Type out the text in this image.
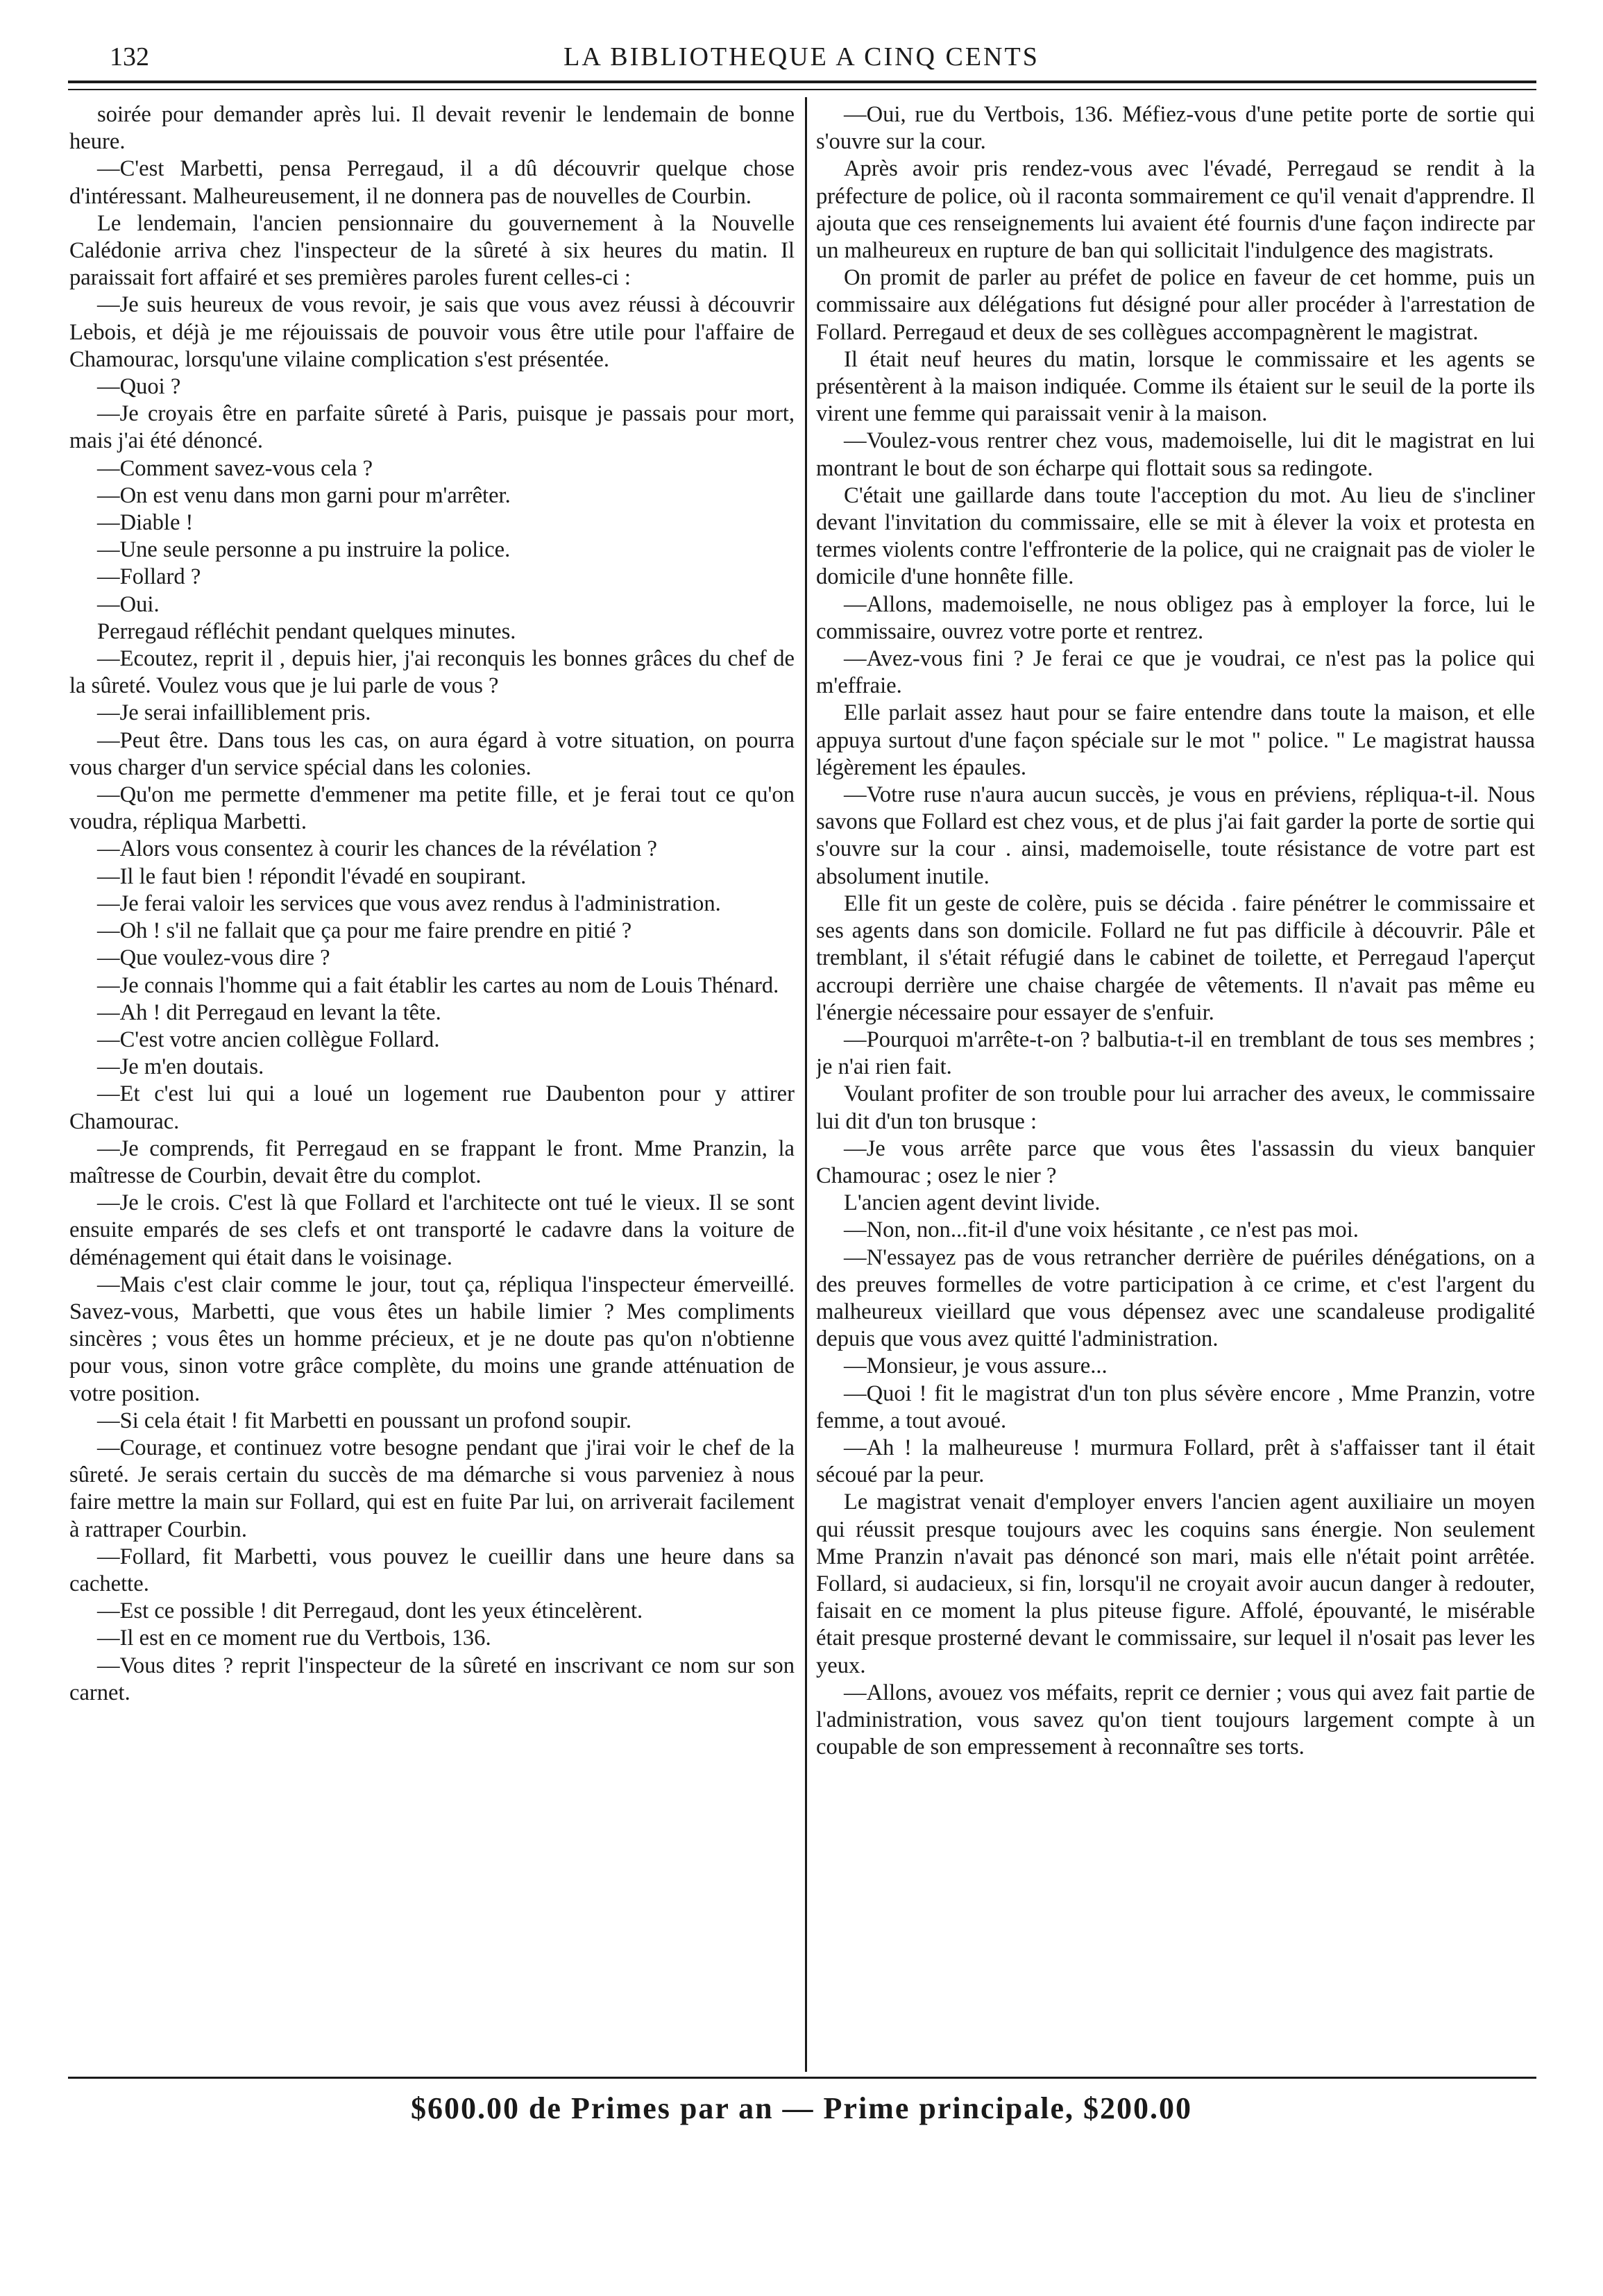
132	LA BIBLIOTHEQUE A CINQ CENTS

soirée pour demander après lui. Il devait revenir le lendemain de bonne heure.

—C'est Marbetti, pensa Perregaud, il a dû découvrir quelque chose d'intéressant. Malheureusement, il ne donnera pas de nouvelles de Courbin.

Le lendemain, l'ancien pensionnaire du gouvernement à la Nouvelle Calédonie arriva chez l'inspecteur de la sûreté à six heures du matin. Il paraissait fort affairé et ses premières paroles furent celles-ci :

—Je suis heureux de vous revoir, je sais que vous avez réussi à découvrir Lebois, et déjà je me réjouissais de pouvoir vous être utile pour l'affaire de Chamourac, lorsqu'une vilaine complication s'est présentée.

—Quoi ?

—Je croyais être en parfaite sûreté à Paris, puisque je passais pour mort, mais j'ai été dénoncé.

—Comment savez-vous cela ?

—On est venu dans mon garni pour m'arrêter.

—Diable !

—Une seule personne a pu instruire la police.

—Follard ?

—Oui.

Perregaud réfléchit pendant quelques minutes.

—Ecoutez, reprit il , depuis hier, j'ai reconquis les bonnes grâces du chef de la sûreté. Voulez vous que je lui parle de vous ?

—Je serai infailliblement pris.

—Peut être. Dans tous les cas, on aura égard à votre situation, on pourra vous charger d'un service spécial dans les colonies.

—Qu'on me permette d'emmener ma petite fille, et je ferai tout ce qu'on voudra, répliqua Marbetti.

—Alors vous consentez à courir les chances de la révélation ?

—Il le faut bien ! répondit l'évadé en soupirant.

—Je ferai valoir les services que vous avez rendus à l'administration.

—Oh ! s'il ne fallait que ça pour me faire prendre en pitié ?

—Que voulez-vous dire ?

—Je connais l'homme qui a fait établir les cartes au nom de Louis Thénard.

—Ah ! dit Perregaud en levant la tête.

—C'est votre ancien collègue Follard.

—Je m'en doutais.

—Et c'est lui qui a loué un logement rue Daubenton pour y attirer Chamourac.

—Je comprends, fit Perregaud en se frappant le front. Mme Pranzin, la maîtresse de Courbin, devait être du complot.

—Je le crois. C'est là que Follard et l'architecte ont tué le vieux. Il se sont ensuite emparés de ses clefs et ont transporté le cadavre dans la voiture de déménagement qui était dans le voisinage.

—Mais c'est clair comme le jour, tout ça, répliqua l'inspecteur émerveillé. Savez-vous, Marbetti, que vous êtes un habile limier ? Mes compliments sincères ; vous êtes un homme précieux, et je ne doute pas qu'on n'obtienne pour vous, sinon votre grâce complète, du moins une grande atténuation de votre position.

—Si cela était ! fit Marbetti en poussant un profond soupir.

—Courage, et continuez votre besogne pendant que j'irai voir le chef de la sûreté. Je serais certain du succès de ma démarche si vous parveniez à nous faire mettre la main sur Follard, qui est en fuite Par lui, on arriverait facilement à rattraper Courbin.

—Follard, fit Marbetti, vous pouvez le cueillir dans une heure dans sa cachette.

—Est ce possible ! dit Perregaud, dont les yeux étincelèrent.

—Il est en ce moment rue du Vertbois, 136.

—Vous dites ? reprit l'inspecteur de la sûreté en inscrivant ce nom sur son carnet.

—Oui, rue du Vertbois, 136. Méfiez-vous d'une petite porte de sortie qui s'ouvre sur la cour.

Après avoir pris rendez-vous avec l'évadé, Perregaud se rendit à la préfecture de police, où il raconta sommairement ce qu'il venait d'apprendre. Il ajouta que ces renseignements lui avaient été fournis d'une façon indirecte par un malheureux en rupture de ban qui sollicitait l'indulgence des magistrats.

On promit de parler au préfet de police en faveur de cet homme, puis un commissaire aux délégations fut désigné pour aller procéder à l'arrestation de Follard. Perregaud et deux de ses collègues accompagnèrent le magistrat.

Il était neuf heures du matin, lorsque le commissaire et les agents se présentèrent à la maison indiquée. Comme ils étaient sur le seuil de la porte ils virent une femme qui paraissait venir à la maison.

—Voulez-vous rentrer chez vous, mademoiselle, lui dit le magistrat en lui montrant le bout de son écharpe qui flottait sous sa redingote.

C'était une gaillarde dans toute l'acception du mot. Au lieu de s'incliner devant l'invitation du commissaire, elle se mit à élever la voix et protesta en termes violents contre l'effronterie de la police, qui ne craignait pas de violer le domicile d'une honnête fille.

—Allons, mademoiselle, ne nous obligez pas à employer la force, lui le commissaire, ouvrez votre porte et rentrez.

—Avez-vous fini ? Je ferai ce que je voudrai, ce n'est pas la police qui m'effraie.

Elle parlait assez haut pour se faire entendre dans toute la maison, et elle appuya surtout d'une façon spéciale sur le mot " police. " Le magistrat haussa légèrement les épaules.

—Votre ruse n'aura aucun succès, je vous en préviens, répliqua-t-il. Nous savons que Follard est chez vous, et de plus j'ai fait garder la porte de sortie qui s'ouvre sur la cour . ainsi, mademoiselle, toute résistance de votre part est absolument inutile.

Elle fit un geste de colère, puis se décida . faire pénétrer le commissaire et ses agents dans son domicile. Follard ne fut pas difficile à découvrir. Pâle et tremblant, il s'était réfugié dans le cabinet de toilette, et Perregaud l'aperçut accroupi derrière une chaise chargée de vêtements. Il n'avait pas même eu l'énergie nécessaire pour essayer de s'enfuir.

—Pourquoi m'arrête-t-on ? balbutia-t-il en tremblant de tous ses membres ; je n'ai rien fait.

Voulant profiter de son trouble pour lui arracher des aveux, le commissaire lui dit d'un ton brusque :

—Je vous arrête parce que vous êtes l'assassin du vieux banquier Chamourac ; osez le nier ?

L'ancien agent devint livide.

—Non, non...fit-il d'une voix hésitante , ce n'est pas moi.

—N'essayez pas de vous retrancher derrière de puériles dénégations, on a des preuves formelles de votre participation à ce crime, et c'est l'argent du malheureux vieillard que vous dépensez avec une scandaleuse prodigalité depuis que vous avez quitté l'administration.

—Monsieur, je vous assure...

—Quoi ! fit le magistrat d'un ton plus sévère encore , Mme Pranzin, votre femme, a tout avoué.

—Ah ! la malheureuse ! murmura Follard, prêt à s'affaisser tant il était sécoué par la peur.

Le magistrat venait d'employer envers l'ancien agent auxiliaire un moyen qui réussit presque toujours avec les coquins sans énergie. Non seulement Mme Pranzin n'avait pas dénoncé son mari, mais elle n'était point arrêtée. Follard, si audacieux, si fin, lorsqu'il ne croyait avoir aucun danger à redouter, faisait en ce moment la plus piteuse figure. Affolé, épouvanté, le misérable était presque prosterné devant le commissaire, sur lequel il n'osait pas lever les yeux.

—Allons, avouez vos méfaits, reprit ce dernier ; vous qui avez fait partie de l'administration, vous savez qu'on tient toujours largement compte à un coupable de son empressement à reconnaître ses torts.

$600.00 de Primes par an — Prime principale, $200.00
